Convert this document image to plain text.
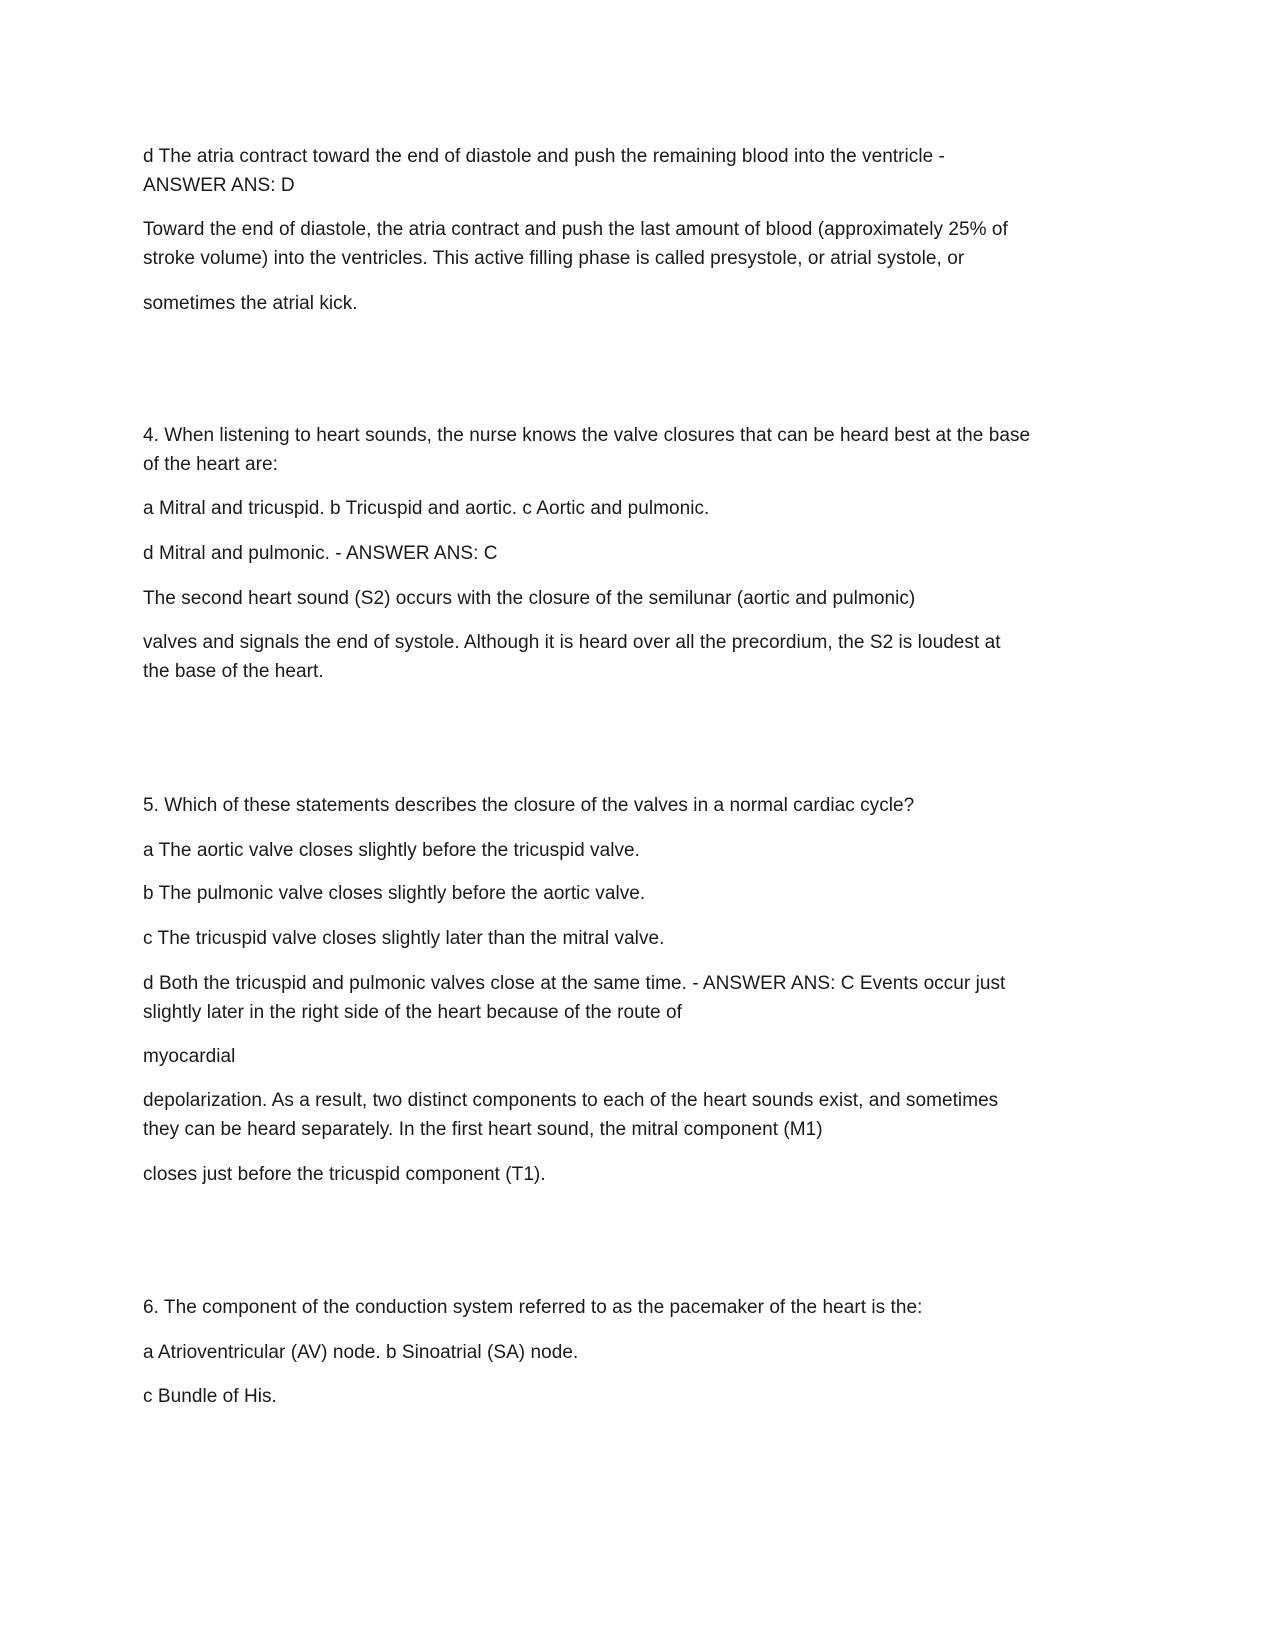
d The atria contract toward the end of diastole and push the remaining blood into the ventricle -
ANSWER ANS: D
Toward the end of diastole, the atria contract and push the last amount of blood (approximately 25% of
stroke volume) into the ventricles. This active filling phase is called presystole, or atrial systole, or
sometimes the atrial kick.
4. When listening to heart sounds, the nurse knows the valve closures that can be heard best at the base
of the heart are:
a Mitral and tricuspid. b Tricuspid and aortic. c Aortic and pulmonic.
d Mitral and pulmonic. - ANSWER ANS: C
The second heart sound (S2) occurs with the closure of the semilunar (aortic and pulmonic)
valves and signals the end of systole. Although it is heard over all the precordium, the S2 is loudest at
the base of the heart.
5. Which of these statements describes the closure of the valves in a normal cardiac cycle?
a The aortic valve closes slightly before the tricuspid valve.
b The pulmonic valve closes slightly before the aortic valve.
c The tricuspid valve closes slightly later than the mitral valve.
d Both the tricuspid and pulmonic valves close at the same time. - ANSWER ANS: C Events occur just
slightly later in the right side of the heart because of the route of
myocardial
depolarization. As a result, two distinct components to each of the heart sounds exist, and sometimes
they can be heard separately. In the first heart sound, the mitral component (M1)
closes just before the tricuspid component (T1).
6. The component of the conduction system referred to as the pacemaker of the heart is the:
a Atrioventricular (AV) node. b Sinoatrial (SA) node.
c Bundle of His.
